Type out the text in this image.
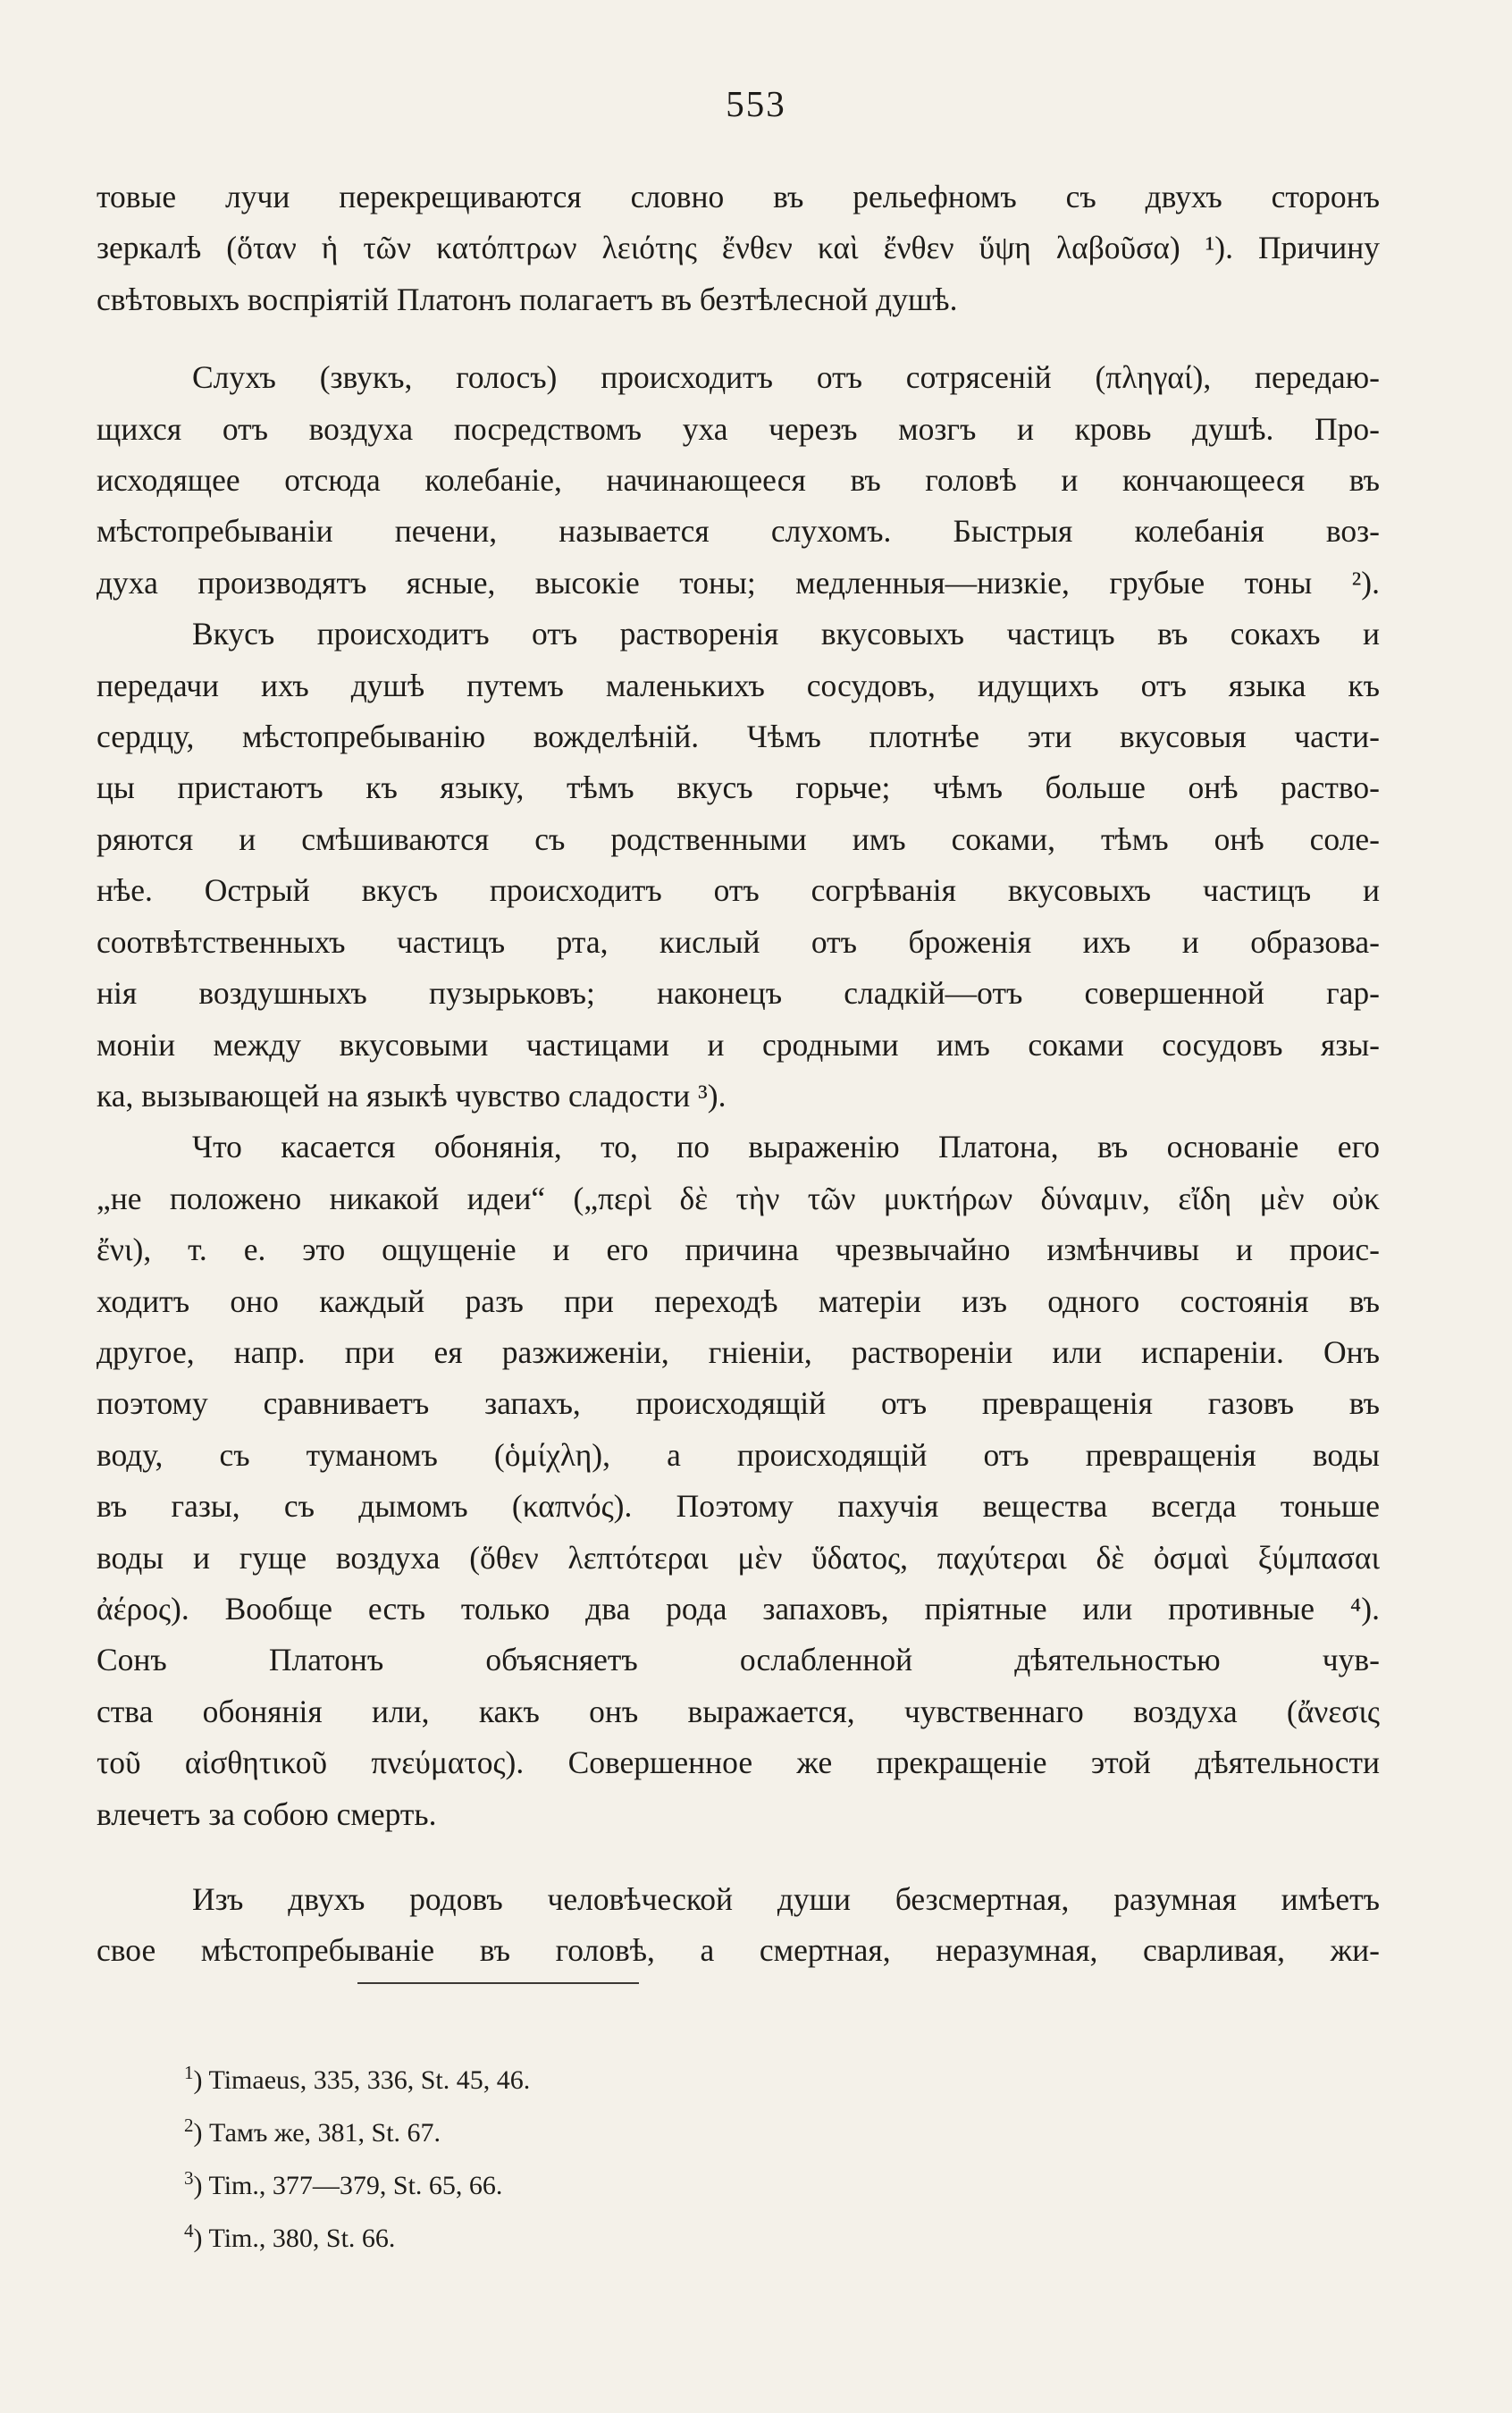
553

товые лучи перекрещиваются словно въ рельефномъ съ двухъ сторонъ
зеркалѣ (ὅταν ἡ τῶν κατόπτρων λειότης ἔνθεν καὶ ἔνθεν ὕψη λαβοῦσα) ¹). Причину
свѣтовыхъ воспріятій Платонъ полагаетъ въ безтѣлесной душѣ.

Слухъ (звукъ, голосъ) происходитъ отъ сотрясеній (πληγαί), передаю-
щихся отъ воздуха посредствомъ уха черезъ мозгъ и кровь душѣ. Про-
исходящее отсюда колебаніе, начинающееся въ головѣ и кончающееся въ
мѣстопребываніи печени, называется слухомъ. Быстрыя колебанія воз-
духа производятъ ясные, высокіе тоны; медленныя—низкіе, грубые тоны ²).

Вкусъ происходитъ отъ растворенія вкусовыхъ частицъ въ сокахъ и
передачи ихъ душѣ путемъ маленькихъ сосудовъ, идущихъ отъ языка къ
сердцу, мѣстопребыванію вожделѣній. Чѣмъ плотнѣе эти вкусовыя части-
цы пристаютъ къ языку, тѣмъ вкусъ горьче; чѣмъ больше онѣ раство-
ряются и смѣшиваются съ родственными имъ соками, тѣмъ онѣ соле-
нѣе. Острый вкусъ происходитъ отъ согрѣванія вкусовыхъ частицъ и
соотвѣтственныхъ частицъ рта, кислый отъ броженія ихъ и образова-
нія воздушныхъ пузырьковъ; наконецъ сладкій—отъ совершенной гар-
моніи между вкусовыми частицами и сродными имъ соками сосудовъ язы-
ка, вызывающей на языкѣ чувство сладости ³).

Что касается обонянія, то, по выраженію Платона, въ основаніе его
„не положено никакой идеи“ („περὶ δὲ τὴν τῶν μυκτήρων δύναμιν, εἴδη μὲν οὐκ
ἔνι), т. е. это ощущеніе и его причина чрезвычайно измѣнчивы и проис-
ходитъ оно каждый разъ при переходѣ матеріи изъ одного состоянія въ
другое, напр. при ея разжиженіи, гніеніи, раствореніи или испареніи. Онъ
поэтому сравниваетъ запахъ, происходящій отъ превращенія газовъ въ
воду, съ туманомъ (ὁμίχλη), а происходящій отъ превращенія воды
въ газы, съ дымомъ (καπνός). Поэтому пахучія вещества всегда тоньше
воды и гуще воздуха (ὅθεν λεπτότεραι μὲν ὕδατος, παχύτεραι δὲ ὀσμαὶ ξύμπασαι
ἀέρος). Вообще есть только два рода запаховъ, пріятные или противные ⁴).
Сонъ Платонъ объясняетъ ослабленной дѣятельностью чув-
ства обонянія или, какъ онъ выражается, чувственнаго воздуха (ἄνεσις
τοῦ αἰσθητικοῦ πνεύματος). Совершенное же прекращеніе этой дѣятельности
влечетъ за собою смерть.

Изъ двухъ родовъ человѣческой души безсмертная, разумная имѣетъ
свое мѣстопребываніе въ головѣ, а смертная, неразумная, сварливая, жи-

$^1$) Timaeus, 335, 336, St. 45, 46.
$^2$) Тамъ же, 381, St. 67.
$^3$) Tim., 377—379, St. 65, 66.
$^4$) Tim., 380, St. 66.
